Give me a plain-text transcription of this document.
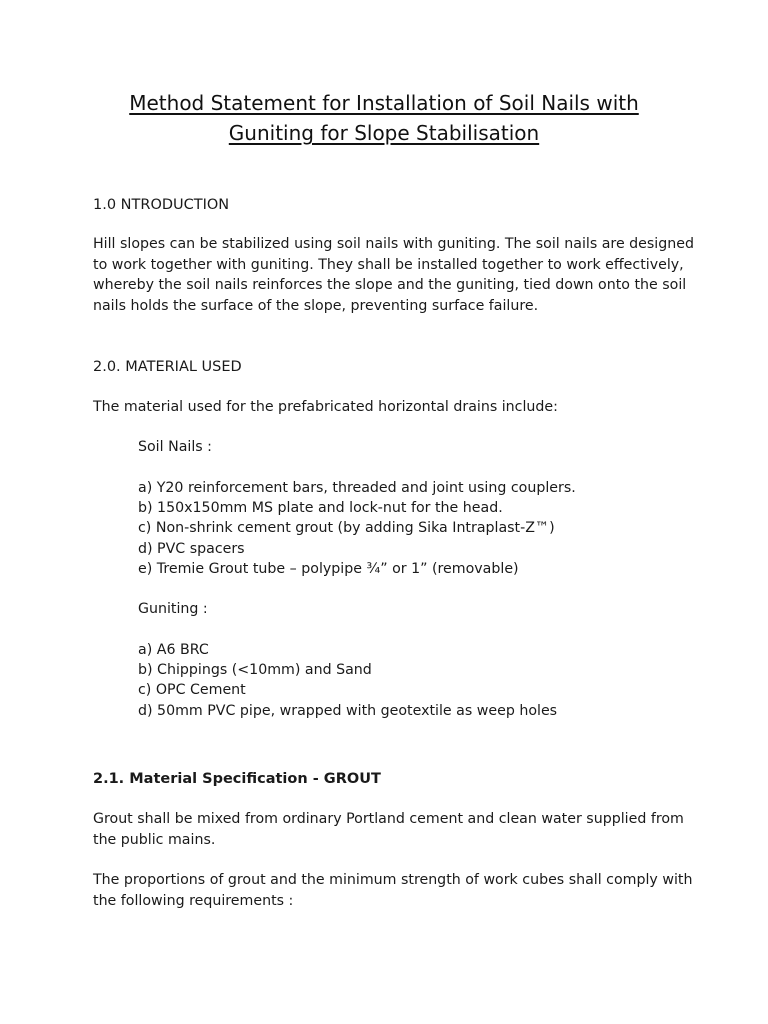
Method Statement for Installation of Soil Nails with
Guniting for Slope Stabilisation
1.0 NTRODUCTION
Hill slopes can be stabilized using soil nails with guniting. The soil nails are designed
to work together with guniting. They shall be installed together to work effectively,
whereby the soil nails reinforces the slope and the guniting, tied down onto the soil
nails holds the surface of the slope, preventing surface failure.
2.0. MATERIAL USED
The material used for the prefabricated horizontal drains include:
Soil Nails :
a) Y20 reinforcement bars, threaded and joint using couplers.
b) 150x150mm MS plate and lock-nut for the head.
c) Non-shrink cement grout (by adding Sika Intraplast-Z™)
d) PVC spacers
e) Tremie Grout tube – polypipe ¾” or 1” (removable)
Guniting :
a) A6 BRC
b) Chippings (<10mm) and Sand
c) OPC Cement
d) 50mm PVC pipe, wrapped with geotextile as weep holes
2.1. Material Specification - GROUT
Grout shall be mixed from ordinary Portland cement and clean water supplied from
the public mains.
The proportions of grout and the minimum strength of work cubes shall comply with
the following requirements :
